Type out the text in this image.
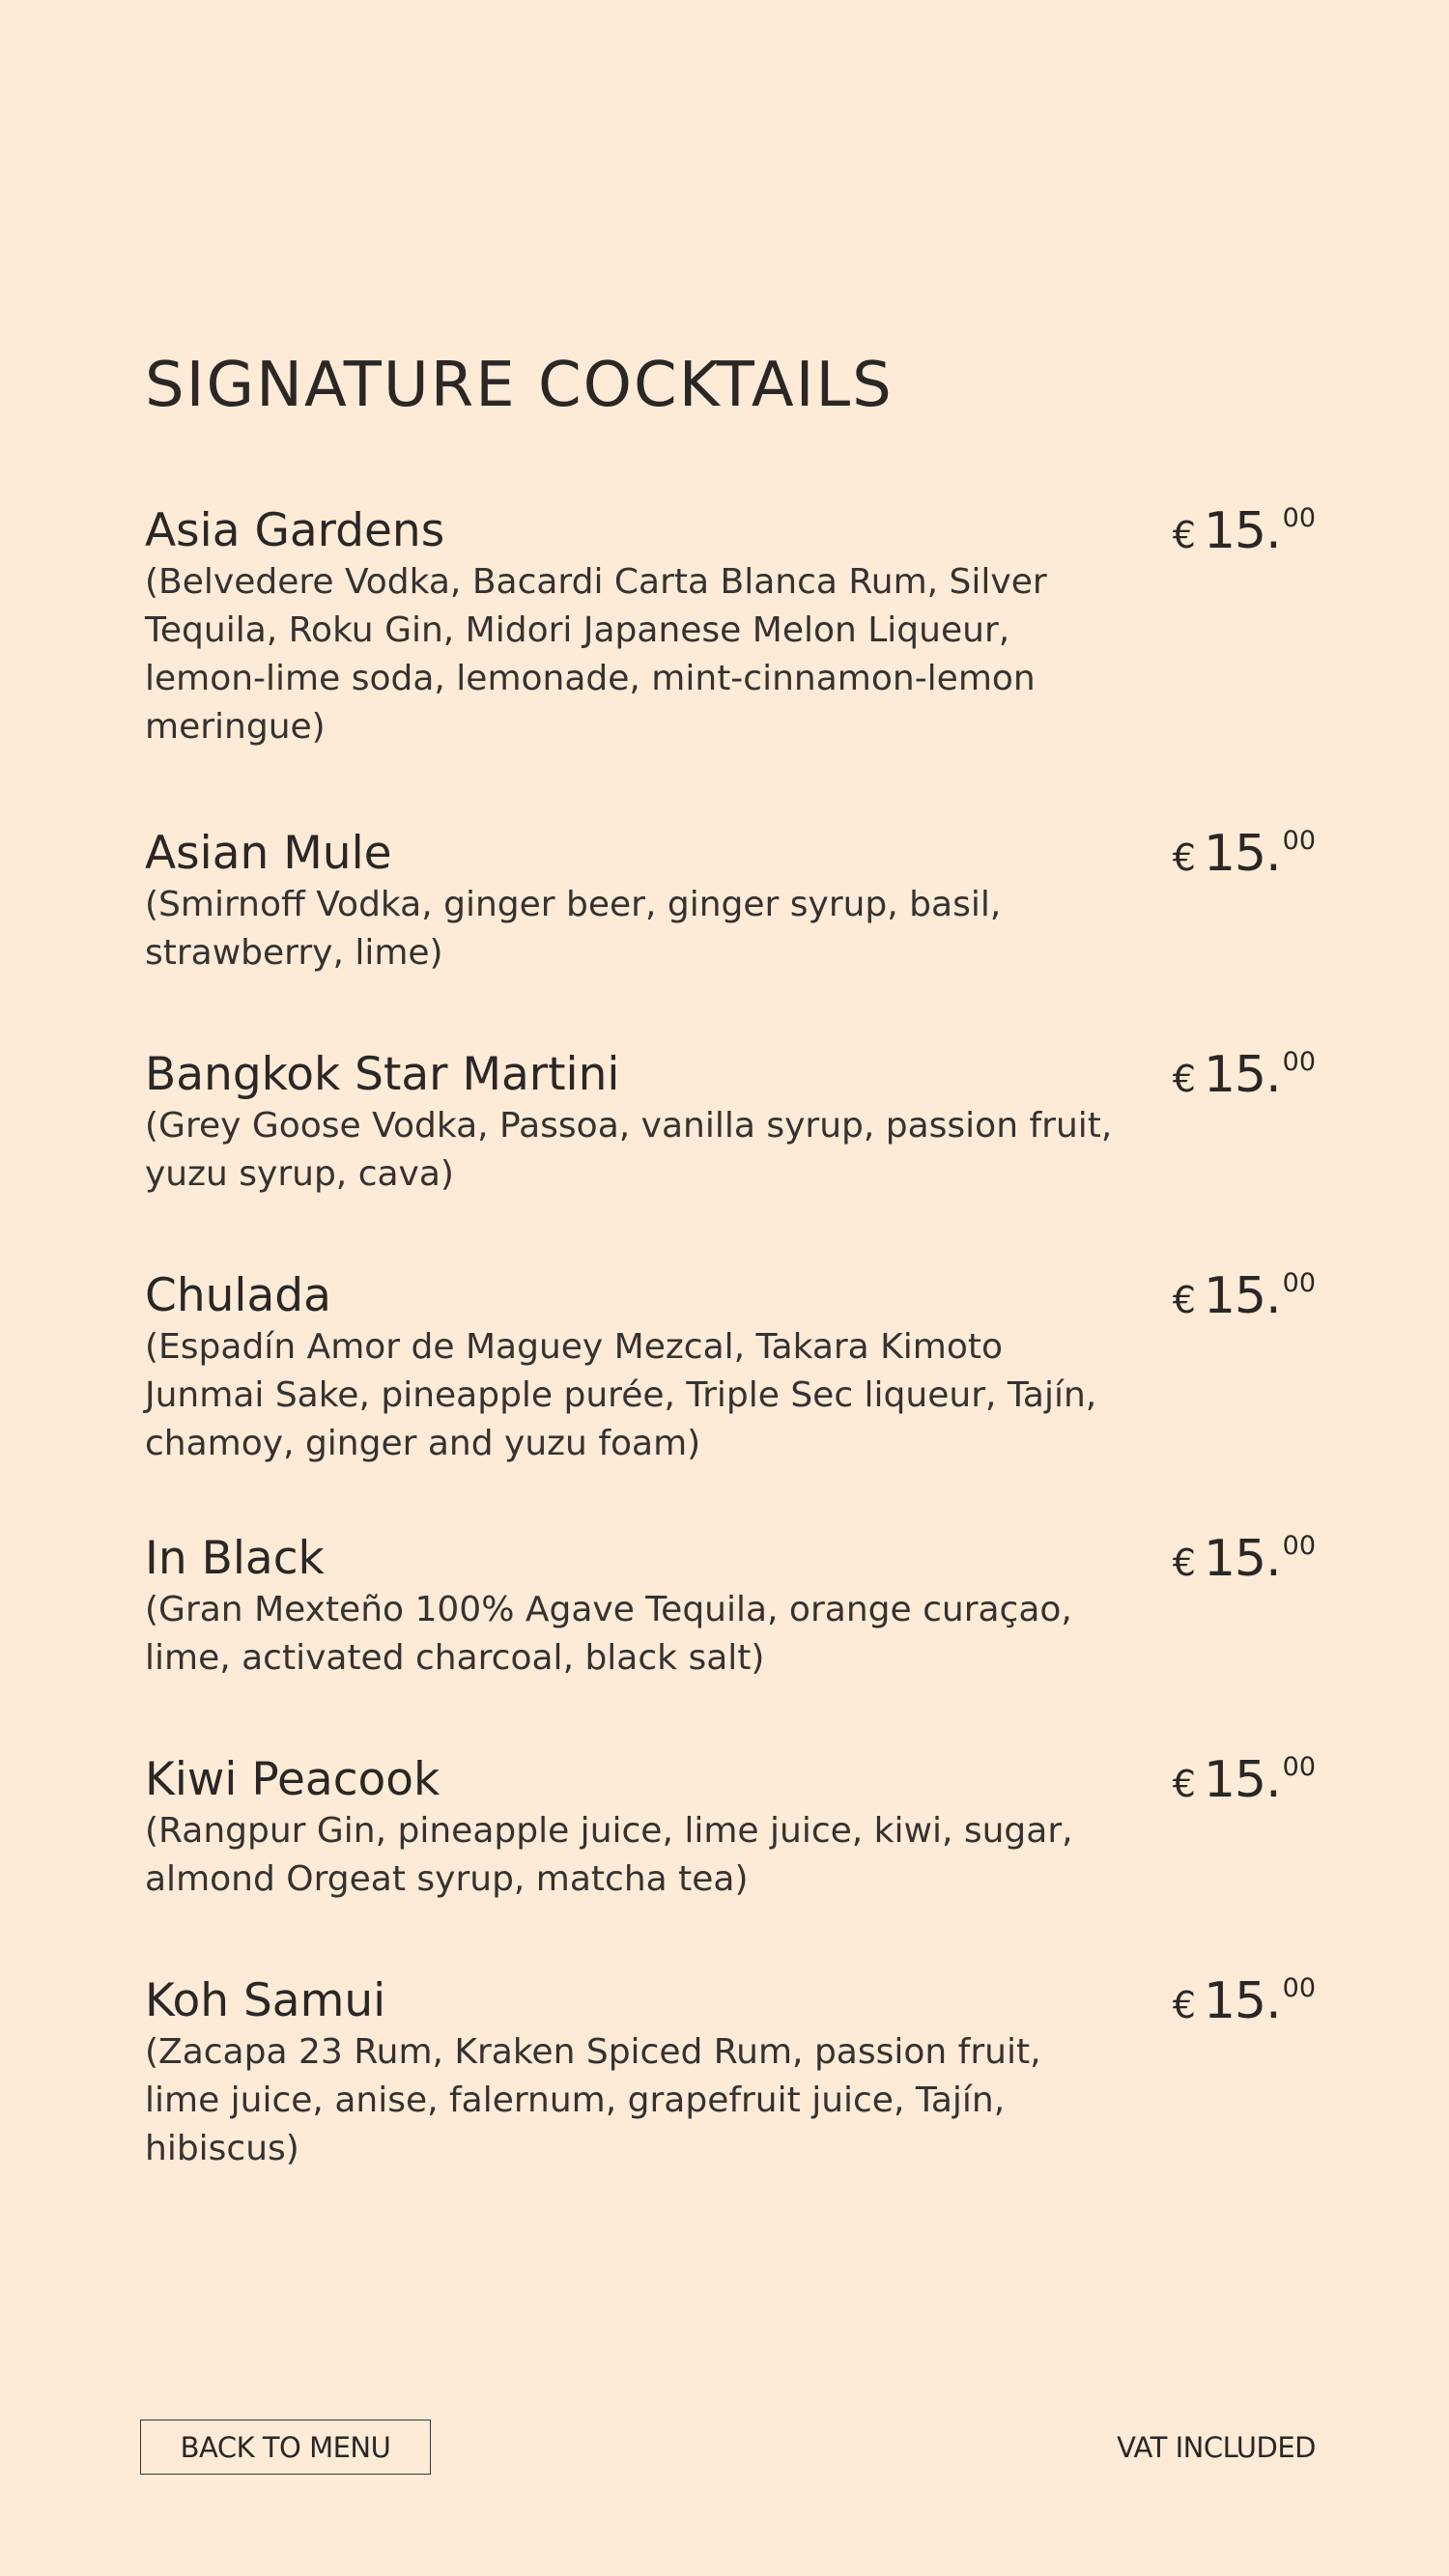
SIGNATURE COCKTAILS

Asia Gardens	€ 15.00

(Belvedere Vodka, Bacardi Carta Blanca Rum, Silver Tequila, Roku Gin, Midori Japanese Melon Liqueur, lemon-lime soda, lemonade, mint-cinnamon-lemon meringue)

Asian Mule	€ 15.00

(Smirnoff Vodka, ginger beer, ginger syrup, basil, strawberry, lime)

Bangkok Star Martini	€ 15.00

(Grey Goose Vodka, Passoa, vanilla syrup, passion fruit, yuzu syrup, cava)

Chulada	€ 15.00

(Espadín Amor de Maguey Mezcal, Takara Kimoto Junmai Sake, pineapple purée, Triple Sec liqueur, Tajín, chamoy, ginger and yuzu foam)

In Black	€ 15.00

(Gran Mexteño 100% Agave Tequila, orange curaçao, lime, activated charcoal, black salt)

Kiwi Peacook	€ 15.00

(Rangpur Gin, pineapple juice, lime juice, kiwi, sugar, almond Orgeat syrup, matcha tea)

Koh Samui	€ 15.00

(Zacapa 23 Rum, Kraken Spiced Rum, passion fruit, lime juice, anise, falernum, grapefruit juice, Tajín, hibiscus)

BACK TO MENU	VAT INCLUDED
